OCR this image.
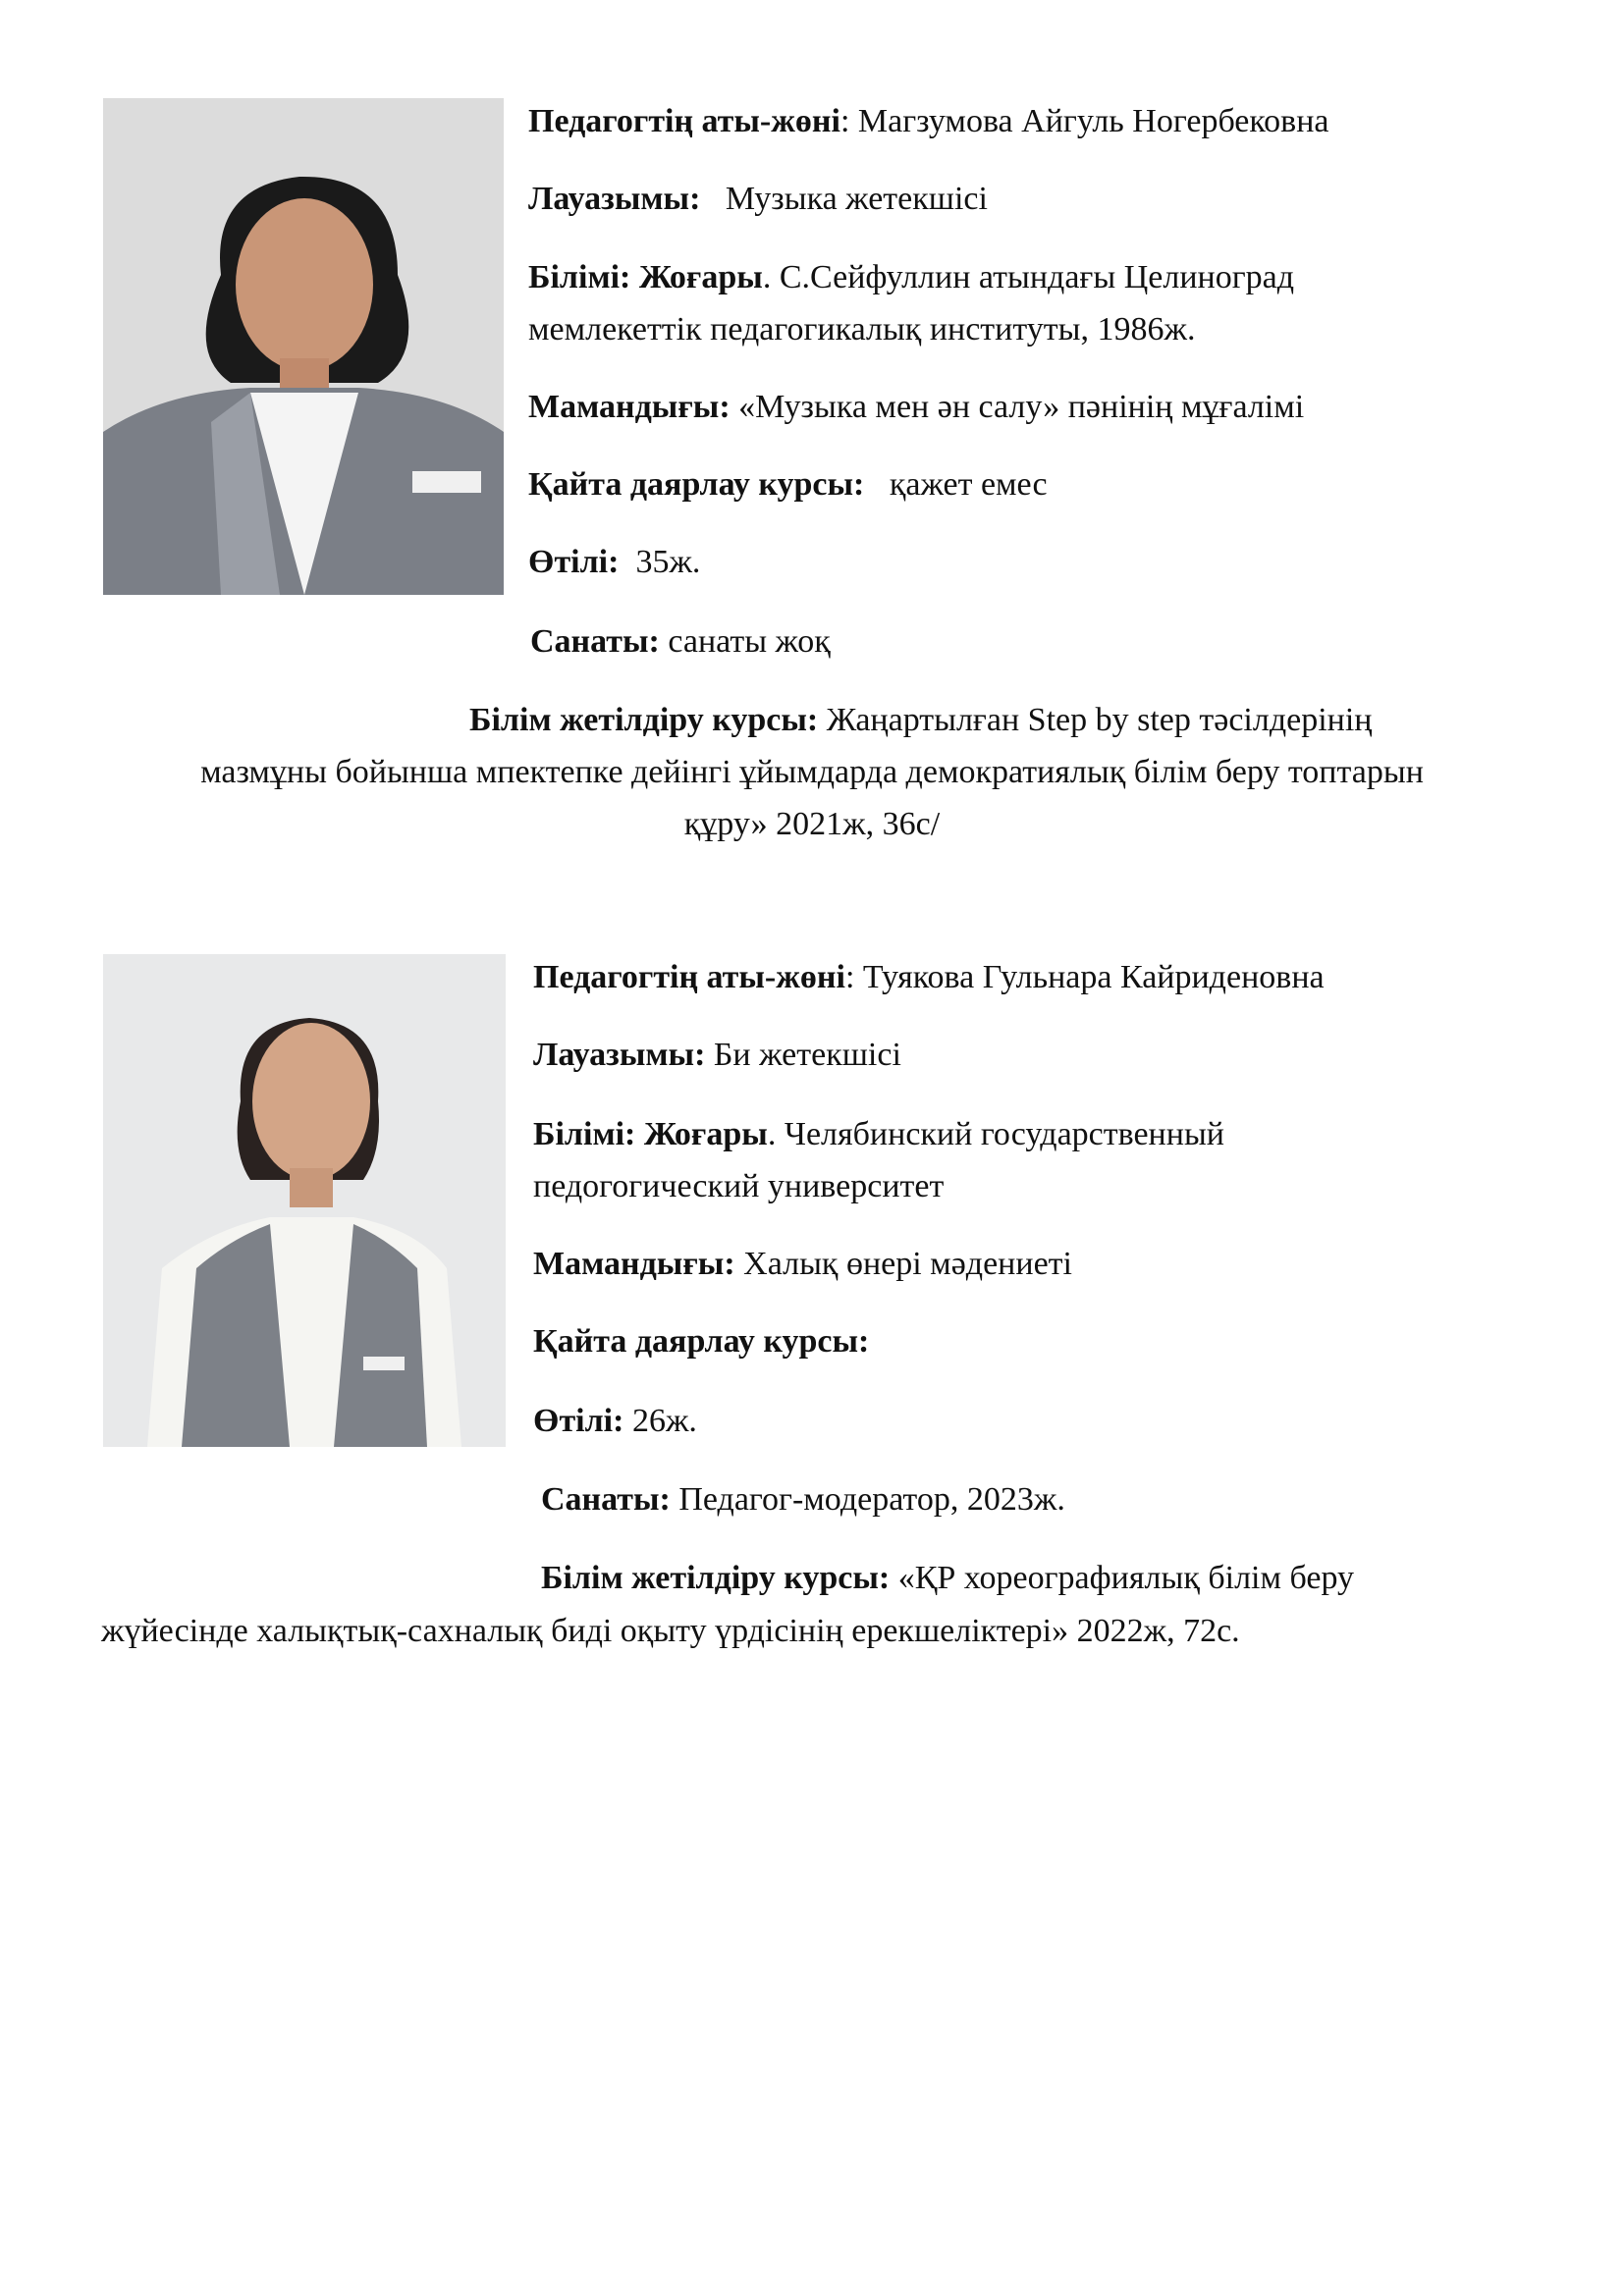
Педагогтің аты-жөні: Магзумова Айгуль Ногербековна
Лауазымы: Музыка жетекшісі
Білімі: Жоғары. С.Сейфуллин атындағы Целиноград
мемлекеттік педагогикалық институты, 1986ж.
Мамандығы: «Музыка мен ән салу» пәнінің мұғалімі
Қайта даярлау курсы: қажет емес
Өтілі: 35ж.
Санаты: санаты жоқ
Білім жетілдіру курсы: Жаңартылған Step by step тәсілдерінің
мазмұны бойынша мпектепке дейінгі ұйымдарда демократиялық білім беру топтарын
құру» 2021ж, 36с/
Педагогтің аты-жөні: Туякова Гульнара Кайриденовна
Лауазымы: Би жетекшісі
Білімі: Жоғары. Челябинский государственный
педогогический университет
Мамандығы: Халық өнері мәдениеті
Қайта даярлау курсы:
Өтілі: 26ж.
Санаты: Педагог-модератор, 2023ж.
Білім жетілдіру курсы: «ҚР хореографиялық білім беру
жүйесінде халықтық-сахналық биді оқыту үрдісінің ерекшеліктері» 2022ж, 72с.
